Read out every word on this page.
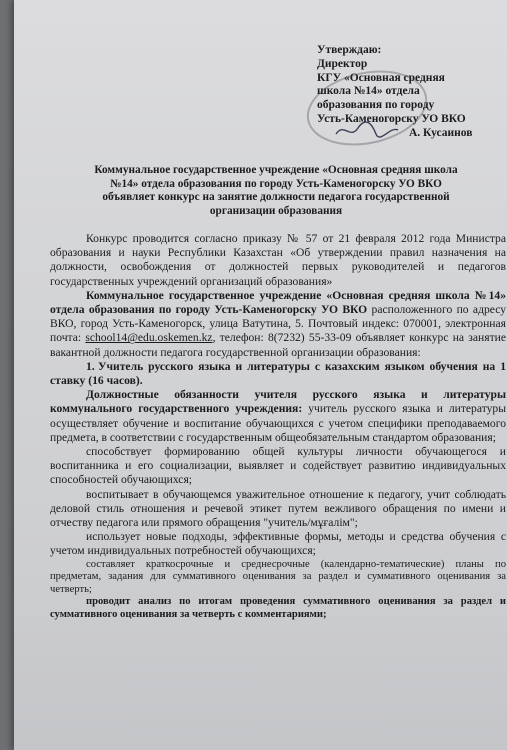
Утверждаю:
Директор
КГУ «Основная средняя
школа №14» отдела
образования по городу
Усть-Каменогорску УО ВКО
А. Кусаинов
Коммунальное государственное учреждение «Основная средняя школа
№14» отдела образования по городу Усть-Каменогорску УО ВКО
объявляет конкурс на занятие должности педагога государственной
организации образования

Конкурс проводится согласно приказу № 57 от 21 февраля 2012 года Министра образования и науки Республики Казахстан «Об утверждении правил назначения на должности, освобождения от должностей первых руководителей и педагогов государственных учреждений организаций образования»

Коммунальное государственное учреждение «Основная средняя школа №14» отдела образования по городу Усть-Каменогорску УО ВКО расположенного по адресу ВКО, город Усть-Каменогорск, улица Ватутина, 5. Почтовый индекс: 070001, электронная почта: school14@edu.oskemen.kz, телефон: 8(7232) 55-33-09 объявляет конкурс на занятие вакантной должности педагога государственной организации образования:

1. Учитель русского языка и литературы с казахским языком обучения на 1 ставку (16 часов).

Должностные обязанности учителя русского языка и литературы коммунального государственного учреждения: учитель русского языка и литературы осуществляет обучение и воспитание обучающихся с учетом специфики преподаваемого предмета, в соответствии с государственным общеобязательным стандартом образования;

способствует формированию общей культуры личности обучающегося и воспитанника и его социализации, выявляет и содействует развитию индивидуальных способностей обучающихся;

воспитывает в обучающемся уважительное отношение к педагогу, учит соблюдать деловой стиль отношения и речевой этикет путем вежливого обращения по имени и отчеству педагога или прямого обращения "учитель/мұғалім";

использует новые подходы, эффективные формы, методы и средства обучения с учетом индивидуальных потребностей обучающихся;

составляет краткосрочные и среднесрочные (календарно-тематические) планы по предметам, задания для суммативного оценивания за раздел и суммативного оценивания за четверть;

проводит анализ по итогам проведения суммативного оценивания за раздел и суммативного оценивания за четверть с комментариями;
